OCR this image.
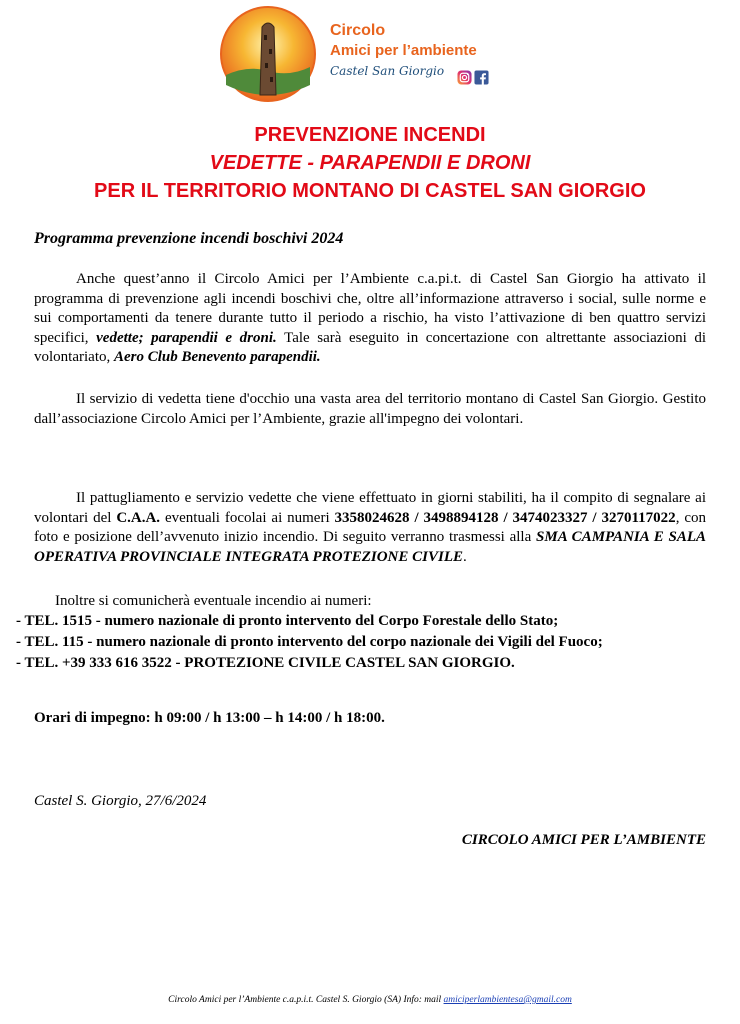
Circolo
Amici per l’ambiente
Castel San Giorgio
PREVENZIONE INCENDI
VEDETTE - PARAPENDII E DRONI
PER IL TERRITORIO MONTANO DI CASTEL SAN GIORGIO
Programma prevenzione incendi boschivi 2024
Anche quest’anno il Circolo Amici per l’Ambiente c.a.pi.t. di Castel San Giorgio ha attivato il programma di prevenzione agli incendi boschivi che, oltre all’informazione attraverso i social, sulle norme e sui comportamenti da tenere durante tutto il periodo a rischio, ha visto l’attivazione di ben quattro servizi specifici, vedette; parapendii e droni. Tale sarà eseguito in concertazione con altrettante associazioni di volontariato, Aero Club Benevento parapendii.
Il servizio di vedetta tiene d'occhio una vasta area del territorio montano di Castel San Giorgio. Gestito dall’associazione Circolo Amici per l’Ambiente, grazie all'impegno dei volontari.
Il pattugliamento e servizio vedette che viene effettuato in giorni stabiliti, ha il compito di segnalare ai volontari del C.A.A. eventuali focolai ai numeri 3358024628 / 3498894128 / 3474023327 / 3270117022, con foto e posizione dell’avvenuto inizio incendio. Di seguito verranno trasmessi alla SMA CAMPANIA E SALA OPERATIVA PROVINCIALE INTEGRATA PROTEZIONE CIVILE.
Inoltre si comunicherà eventuale incendio ai numeri:
- TEL. 1515 - numero nazionale di pronto intervento del Corpo Forestale dello Stato;
- TEL. 115 - numero nazionale di pronto intervento del corpo nazionale dei Vigili del Fuoco;
- TEL. +39 333 616 3522 - PROTEZIONE CIVILE CASTEL SAN GIORGIO.
Orari di impegno: h 09:00 / h 13:00 – h 14:00 / h 18:00.
Castel S. Giorgio, 27/6/2024
CIRCOLO AMICI PER L’AMBIENTE
Circolo Amici per l’Ambiente c.a.p.i.t. Castel S. Giorgio (SA) Info: mail amiciperlambientesa@gmail.com
